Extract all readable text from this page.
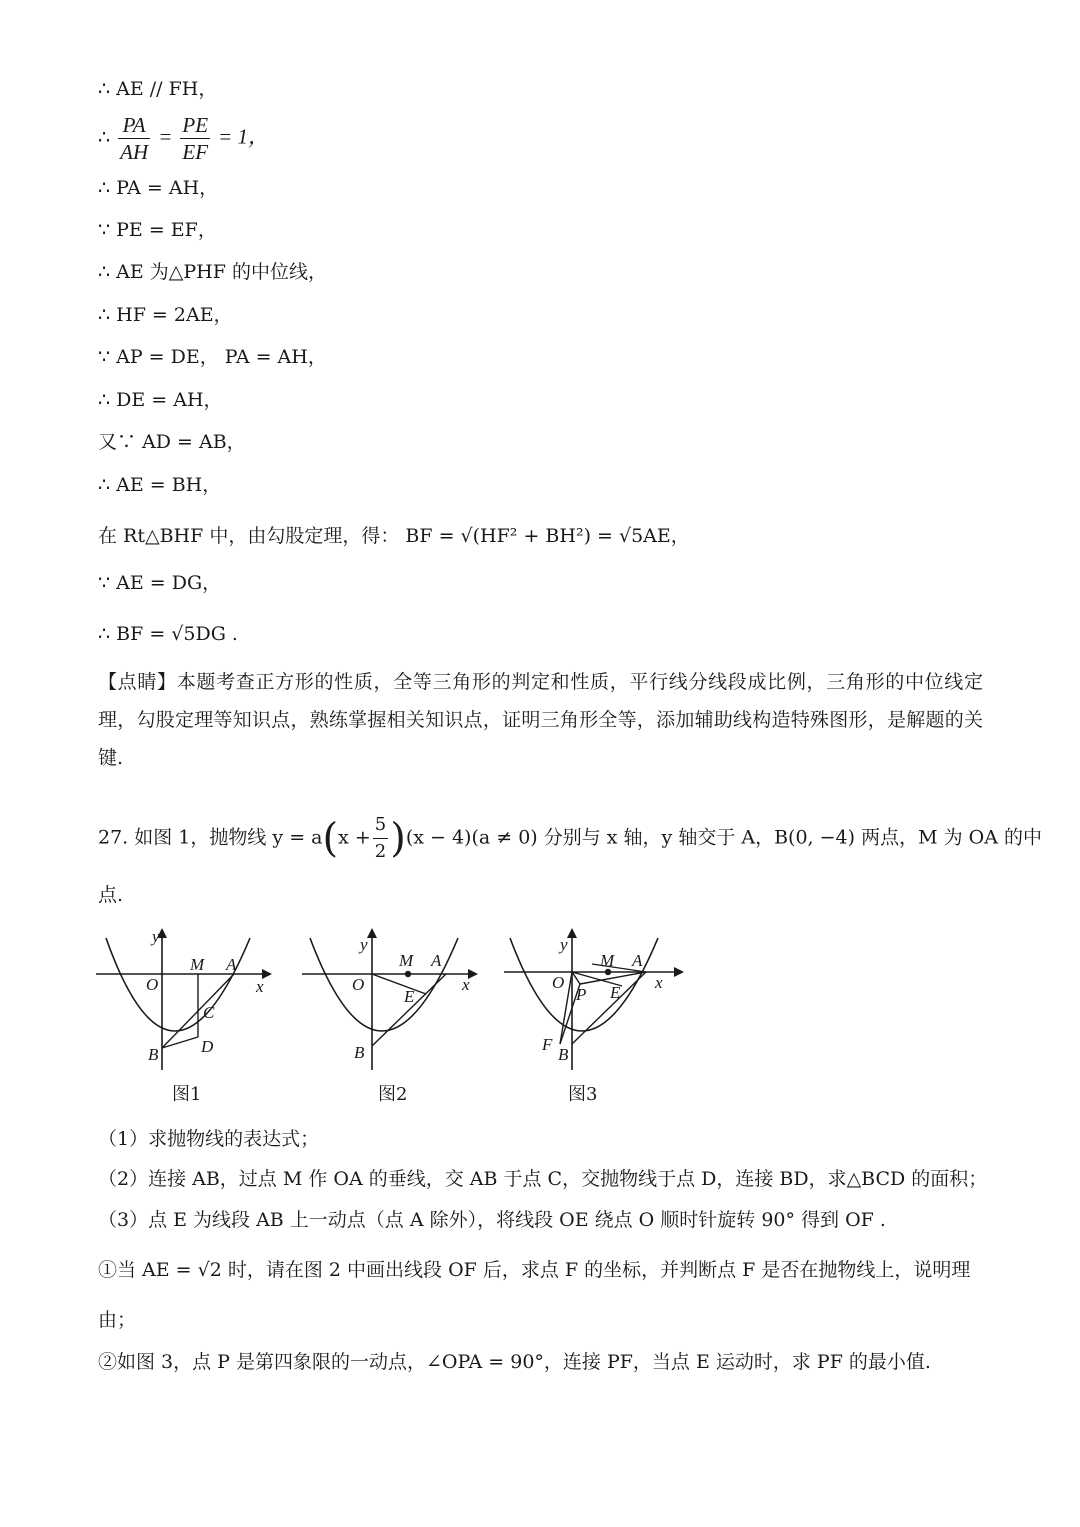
∴ AE // FH，
∴ $\frac{PA}{AH} = \frac{PE}{EF} = 1$，
∴ PA = AH，
∵ PE = EF，
∴ AE 为△PHF 的中位线，
∴ HF = 2AE，
∵ AP = DE， PA = AH，
∴ DE = AH，
又∵ AD = AB，
∴ AE = BH，
在 Rt△BHF 中，由勾股定理，得： BF = √(HF² + BH²) = √5AE，
∵ AE = DG，
∴ BF = √5DG .
【点睛】本题考查正方形的性质，全等三角形的判定和性质，平行线分线段成比例，三角形的中位线定理，勾股定理等知识点，熟练掌握相关知识点，证明三角形全等，添加辅助线构造特殊图形，是解题的关键.
27. 如图 1，抛物线 $y = a(x + \frac{5}{2} )(x - 4)(a \ne 0)$ 分别与 x 轴，y 轴交于 A，B(0, −4) 两点，M 为 OA 的中
点.
y
x
O
M A
C
D
B
图1
y
x
O
M A
E
B
图2
y
x
O
M A
P E
F
B
图3
（1）求抛物线的表达式；
（2）连接 AB，过点 M 作 OA 的垂线，交 AB 于点 C，交抛物线于点 D，连接 BD，求△BCD 的面积；
（3）点 E 为线段 AB 上一动点（点 A 除外），将线段 OE 绕点 O 顺时针旋转 90° 得到 OF .
①当 AE = √2 时，请在图 2 中画出线段 OF 后，求点 F 的坐标，并判断点 F 是否在抛物线上，说明理
由；
②如图 3，点 P 是第四象限的一动点，∠OPA = 90°，连接 PF，当点 E 运动时，求 PF 的最小值.
